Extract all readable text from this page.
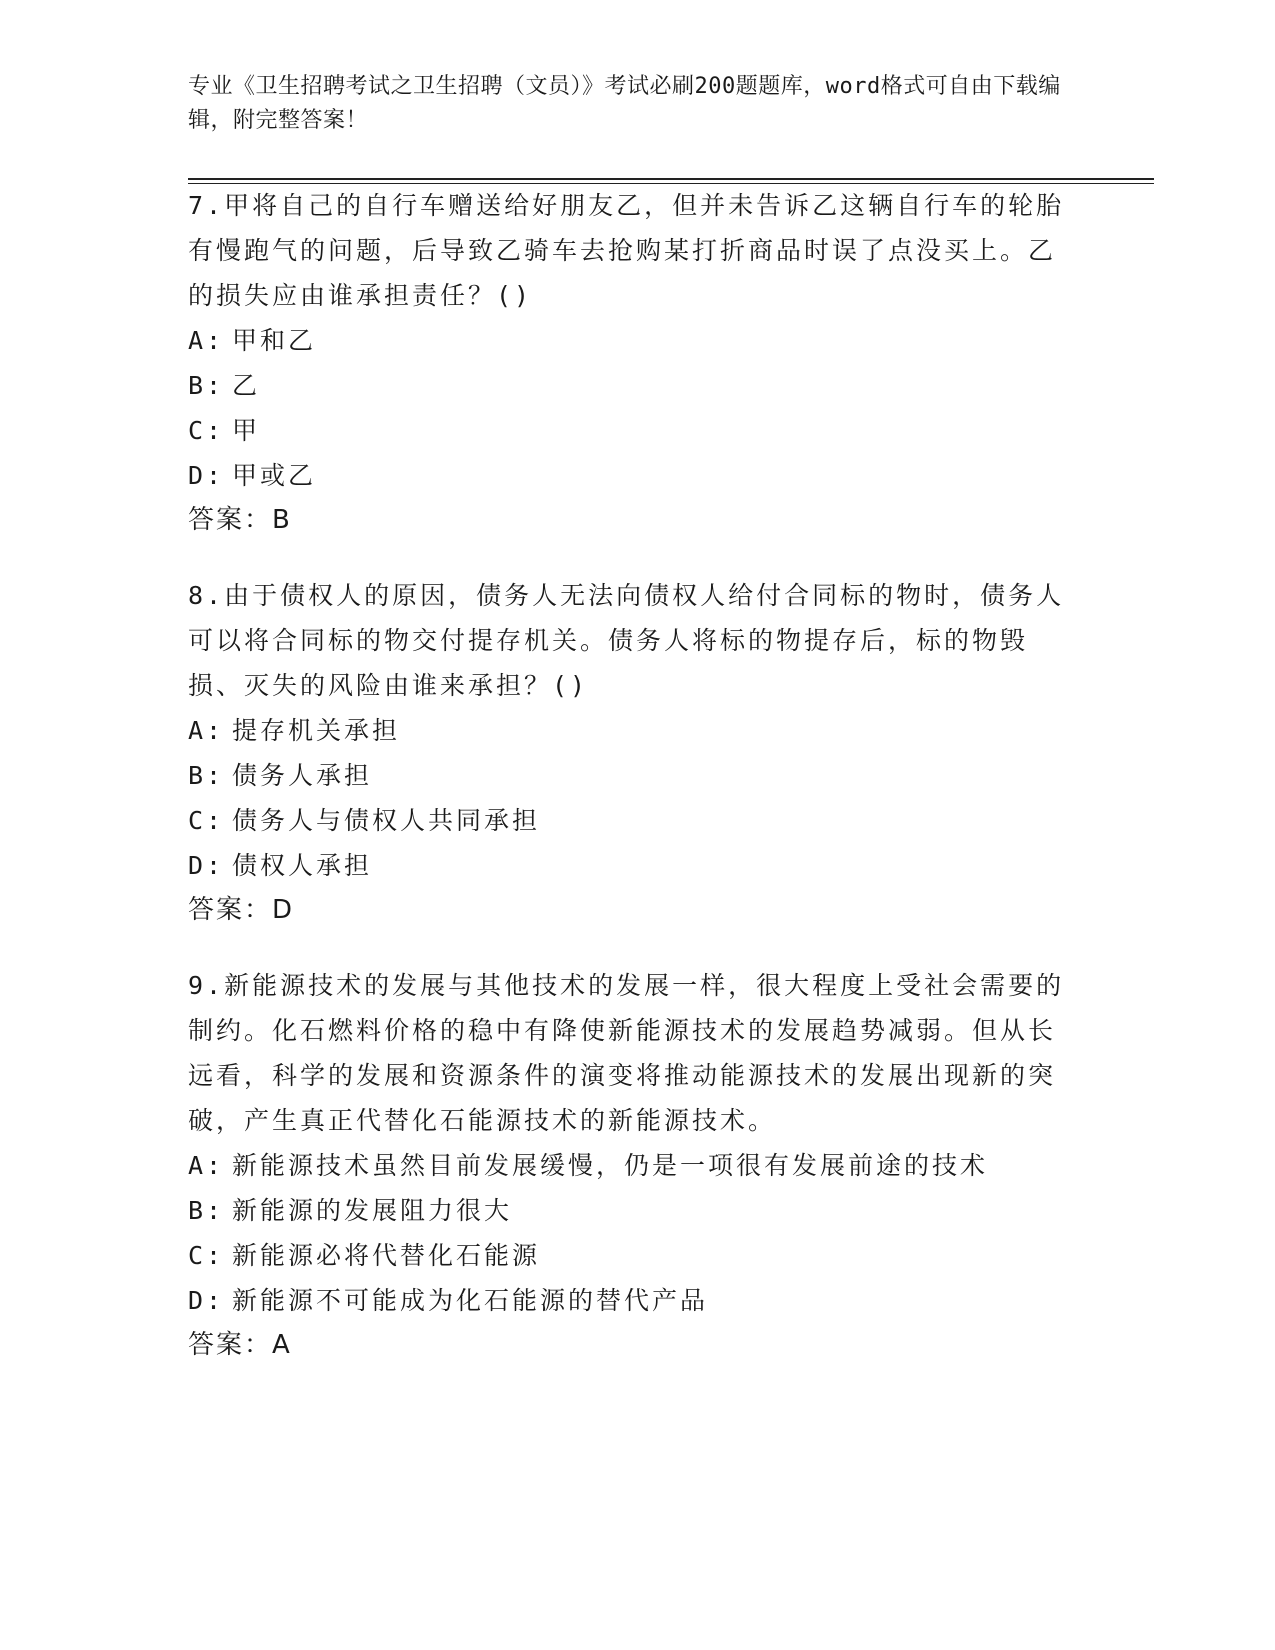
专业《卫生招聘考试之卫生招聘（文员）》考试必刷200题题库，word格式可自由下载编辑，附完整答案！
7.甲将自己的自行车赠送给好朋友乙，但并未告诉乙这辆自行车的轮胎有慢跑气的问题，后导致乙骑车去抢购某打折商品时误了点没买上。乙的损失应由谁承担责任？()
A: 甲和乙
B: 乙
C: 甲
D: 甲或乙
答案：B
8.由于债权人的原因，债务人无法向债权人给付合同标的物时，债务人可以将合同标的物交付提存机关。债务人将标的物提存后，标的物毁损、灭失的风险由谁来承担？()
A: 提存机关承担
B: 债务人承担
C: 债务人与债权人共同承担
D: 债权人承担
答案：D
9.新能源技术的发展与其他技术的发展一样，很大程度上受社会需要的制约。化石燃料价格的稳中有降使新能源技术的发展趋势减弱。但从长远看，科学的发展和资源条件的演变将推动能源技术的发展出现新的突破，产生真正代替化石能源技术的新能源技术。
A: 新能源技术虽然目前发展缓慢，仍是一项很有发展前途的技术
B: 新能源的发展阻力很大
C: 新能源必将代替化石能源
D: 新能源不可能成为化石能源的替代产品
答案：A
